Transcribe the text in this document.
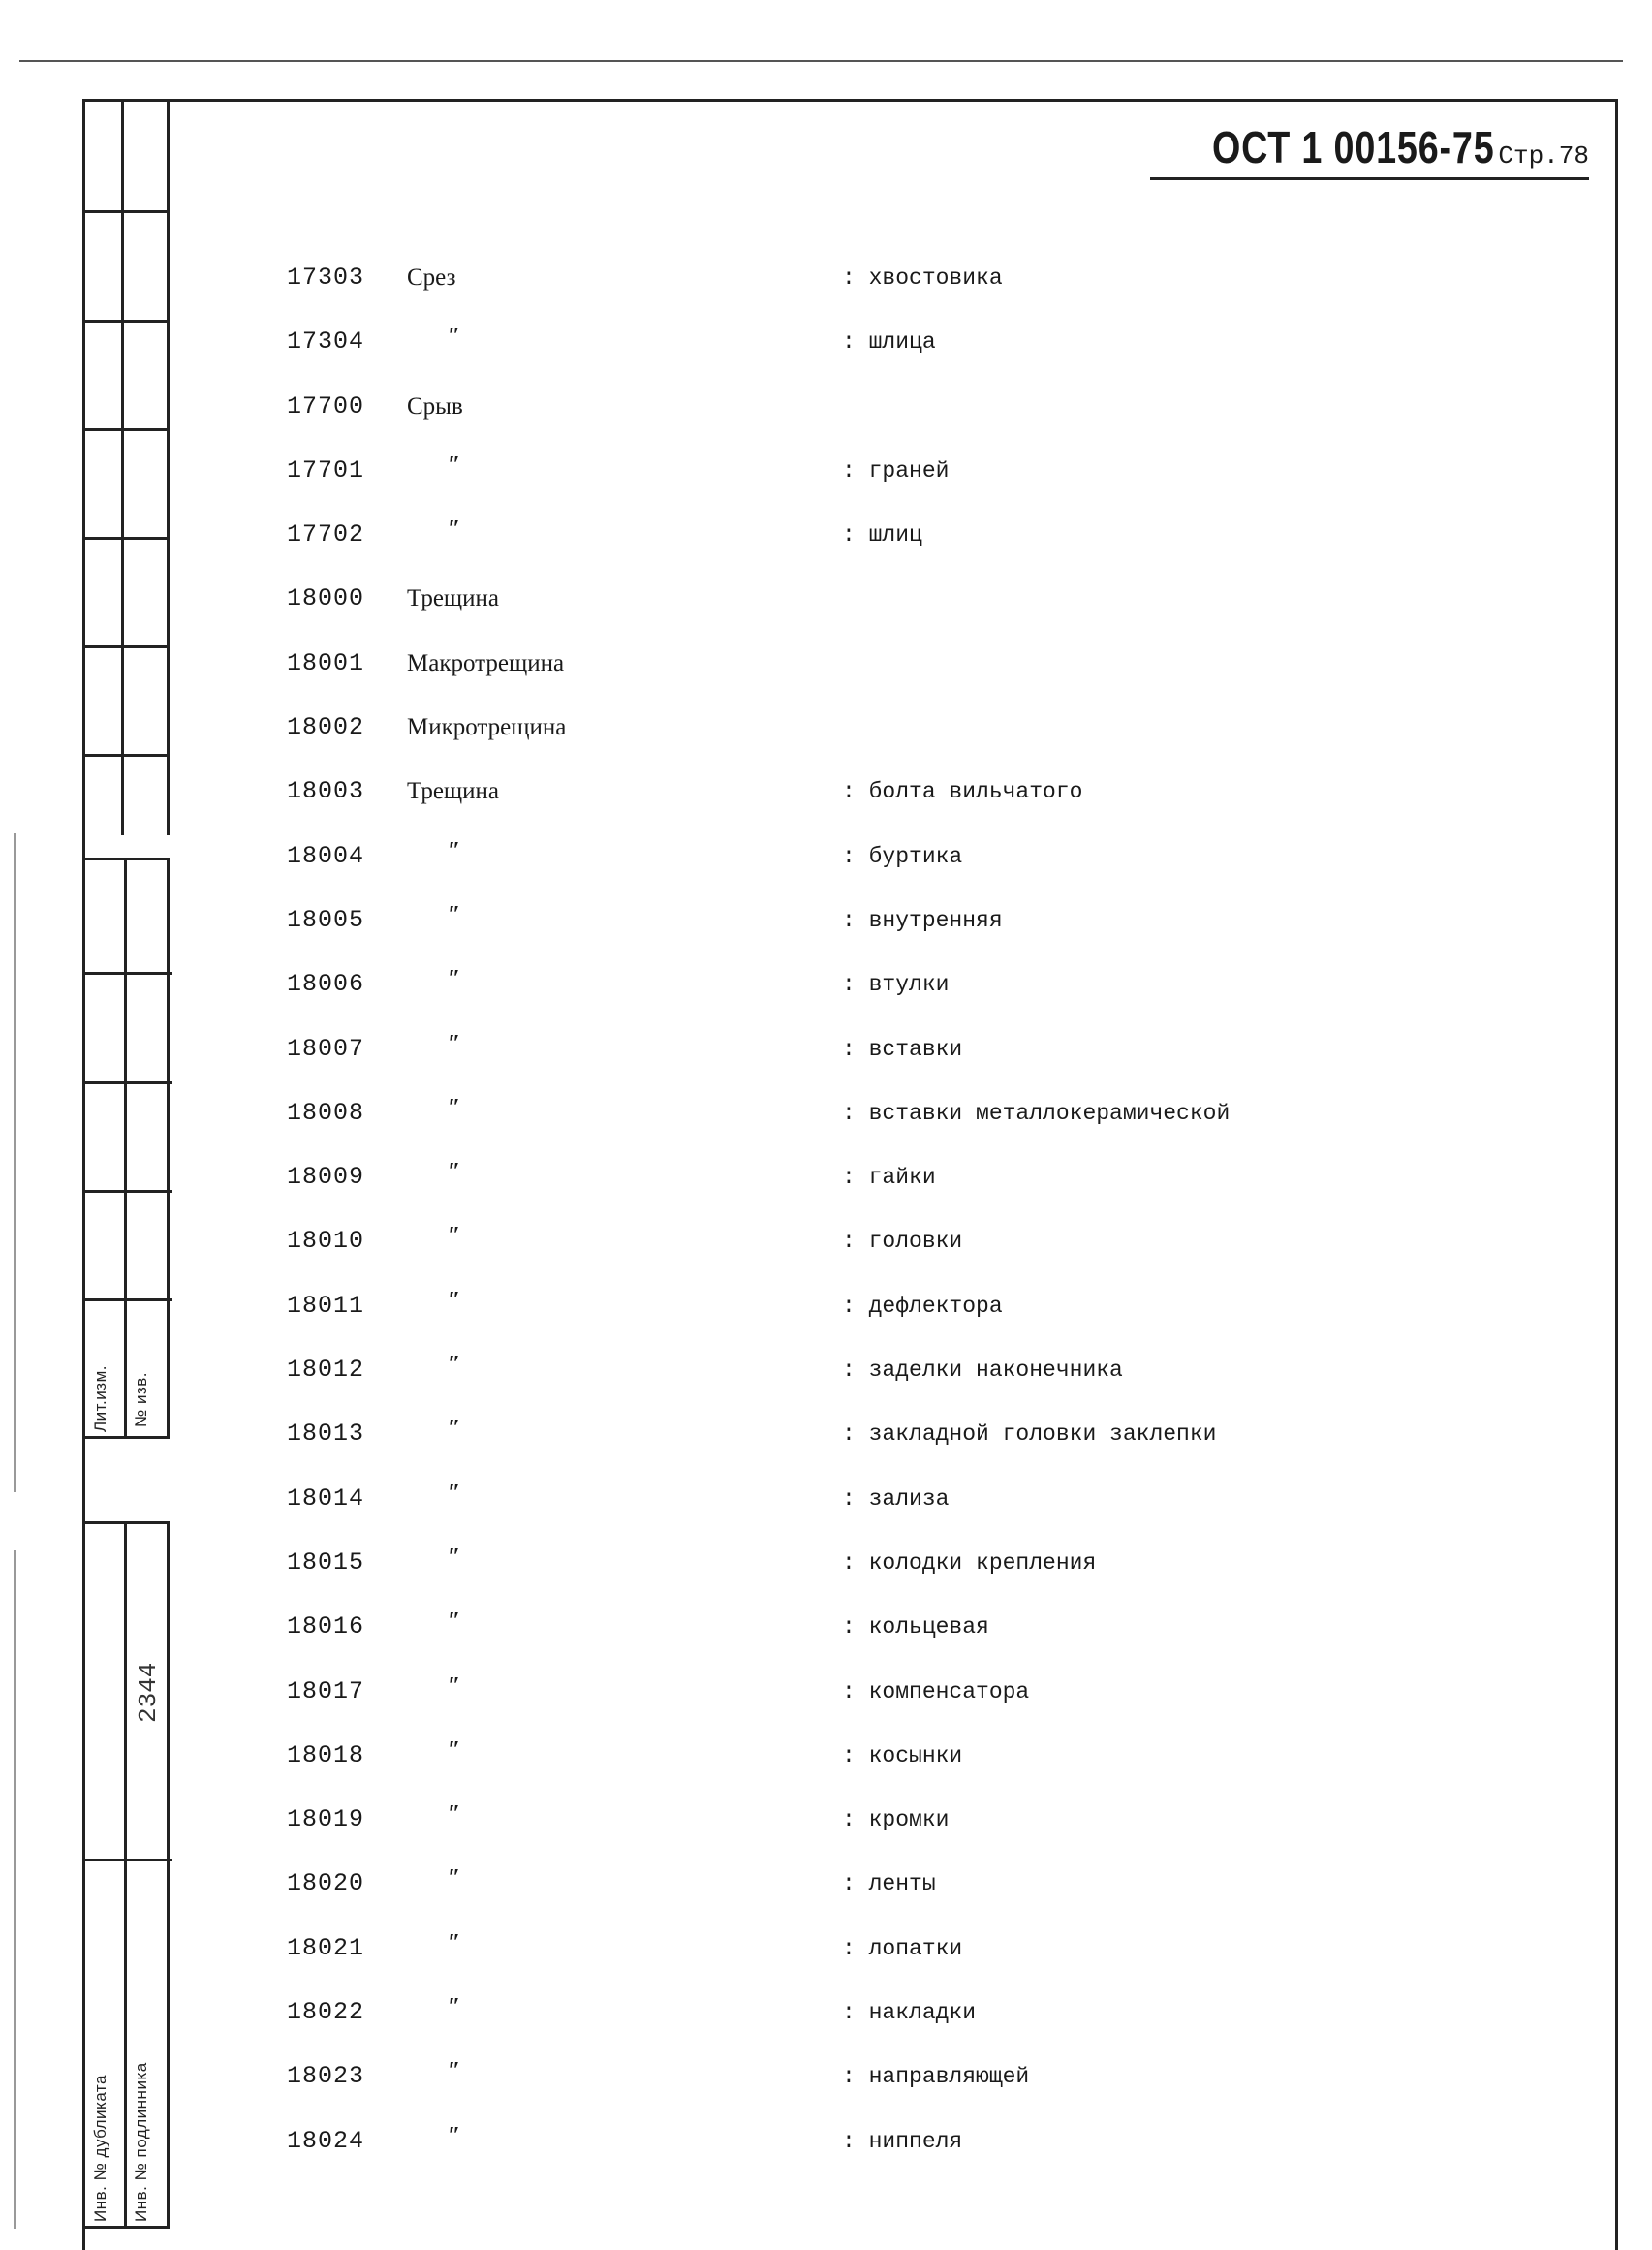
Лит.изм. № изв.
2344
Инв. № дубликата Инв. № подлинника
ОСТ 1 00156-75 Стр.78
17303 Срез	: хвостовика
17304	″	: шлица
17700 Срыв
17701	″	: граней
17702	″	: шлиц
18000 Трещина
18001 Макротрещина
18002 Микротрещина
18003 Трещина	: болта вильчатого
18004	″	: буртика
18005	″	: внутренняя
18006	″	: втулки
18007	″	: вставки
18008	″	: вставки металлокерамической
18009	″	: гайки
18010	″	: головки
18011	″	: дефлектора
18012	″	: заделки наконечника
18013	″	: закладной головки заклепки
18014	″	: зализа
18015	″	: колодки крепления
18016	″	: кольцевая
18017	″	: компенсатора
18018	″	: косынки
18019	″	: кромки
18020	″	: ленты
18021	″	: лопатки
18022	″	: накладки
18023	″	: направляющей
18024	″	: ниппеля
